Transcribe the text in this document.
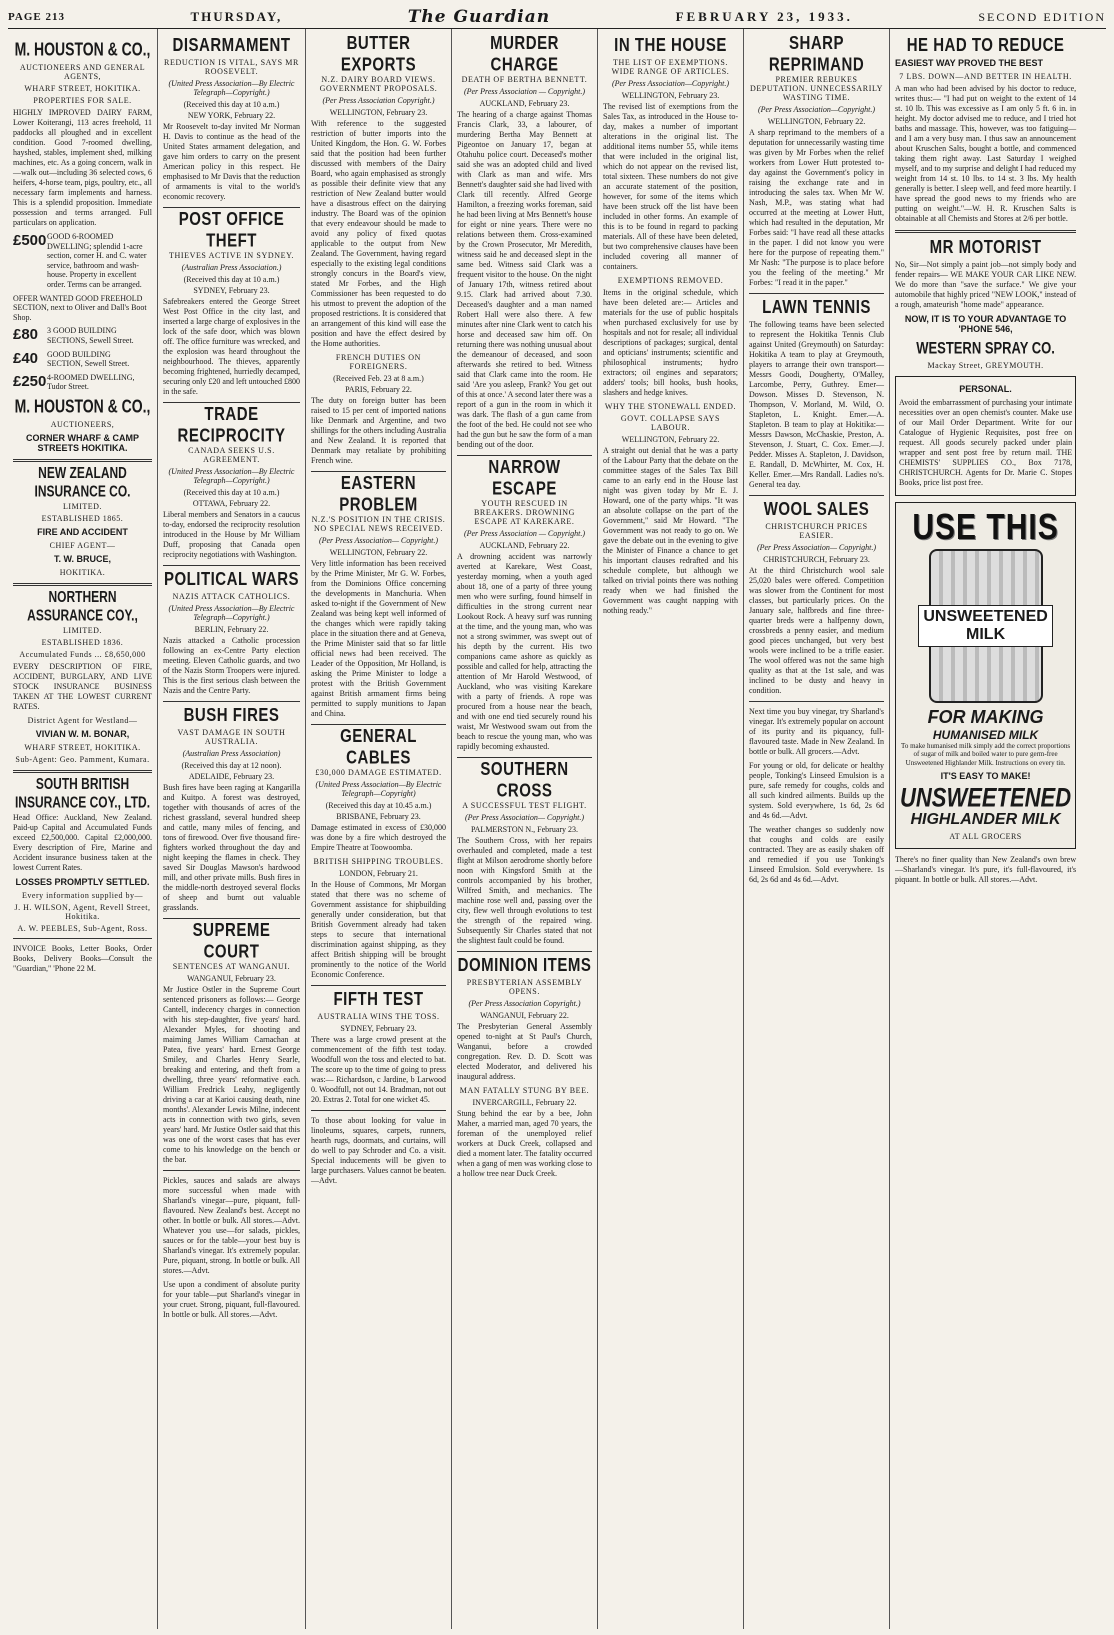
PAGE 213	THURSDAY,	The Guardian	FEBRUARY 23, 1933.	SECOND EDITION
M. HOUSTON & CO.,
AUCTIONEERS AND GENERAL AGENTS,
WHARF STREET, HOKITIKA.
PROPERTIES FOR SALE.
HIGHLY IMPROVED DAIRY FARM, Lower Koiterangi, 113 acres freehold, 11 paddocks all ploughed and in excellent condition. Good 7-roomed dwelling, hayshed, stables, implement shed, milking machines, etc. As a going concern, walk in—walk out—including 36 selected cows, 6 heifers, 4-horse team, pigs, poultry, etc., all necessary farm implements and harness. This is a splendid proposition. Immediate possession and terms arranged. Full particulars on application.
£500GOOD 6-ROOMED DWELLING; splendid 1-acre section, corner H. and C. water service, bathroom and wash-house. Property in excellent order. Terms can be arranged.
OFFER WANTED GOOD FREEHOLD SECTION, next to Oliver and Dall's Boot Shop.
£80 3 GOOD BUILDING SECTIONS, Sewell Street.
£40 GOOD BUILDING SECTION, Sewell Street.
£2504-ROOMED DWELLING, Tudor Street.
M. HOUSTON & CO.,
AUCTIONEERS,
CORNER WHARF & CAMP STREETS HOKITIKA.
NEW ZEALAND INSURANCE CO.
LIMITED.
ESTABLISHED 1865.
FIRE AND ACCIDENT
CHIEF AGENT—
T. W. BRUCE,
HOKITIKA.
NORTHERN ASSURANCE COY.,
LIMITED.
ESTABLISHED 1836.
Accumulated Funds ... £8,650,000
EVERY DESCRIPTION OF FIRE, ACCIDENT, BURGLARY, AND LIVE STOCK INSURANCE BUSINESS TAKEN AT THE LOWEST CURRENT RATES.
District Agent for Westland—
VIVIAN W. M. BONAR,
WHARF STREET, HOKITIKA.
Sub-Agent: Geo. Pamment, Kumara.
SOUTH BRITISH INSURANCE COY., LTD.
Head Office: Auckland, New Zealand. Paid-up Capital and Accumulated Funds exceed £2,500,000. Capital £2,000,000. Every description of Fire, Marine and Accident insurance business taken at the lowest Current Rates.
LOSSES PROMPTLY SETTLED.
Every information supplied by—
J. H. WILSON, Agent, Revell Street, Hokitika.
A. W. PEEBLES, Sub-Agent, Ross.
INVOICE Books, Letter Books, Order Books, Delivery Books—Consult the "Guardian," 'Phone 22 M.
DISARMAMENT
REDUCTION IS VITAL, SAYS MR ROOSEVELT.
(United Press Association—By Electric Telegraph—Copyright.)
(Received this day at 10 a.m.)
NEW YORK, February 22.
Mr Roosevelt to-day invited Mr Norman H. Davis to continue as the head of the United States armament delegation, and gave him orders to carry on the present American policy in this respect. He emphasised to Mr Davis that the reduction of armaments is vital to the world's economic recovery.
POST OFFICE THEFT
THIEVES ACTIVE IN SYDNEY.
(Australian Press Association.)
(Received this day at 10 a.m.)
SYDNEY, February 23.
Safebreakers entered the George Street West Post Office in the city last, and inserted a large charge of explosives in the lock of the safe door, which was blown off. The office furniture was wrecked, and the explosion was heard throughout the neighbourhood. The thieves, apparently becoming frightened, hurriedly decamped, securing only £20 and left untouched £800 in the safe.
TRADE RECIPROCITY
CANADA SEEKS U.S. AGREEMENT.
(United Press Association—By Electric Telegraph—Copyright.)
(Received this day at 10 a.m.)
OTTAWA, February 22.
Liberal members and Senators in a caucus to-day, endorsed the reciprocity resolution introduced in the House by Mr William Duff, proposing that Canada open reciprocity negotiations with Washington.
POLITICAL WARS
NAZIS ATTACK CATHOLICS.
(United Press Association—By Electric Telegraph—Copyright.)
BERLIN, February 22.
Nazis attacked a Catholic procession following an ex-Centre Party election meeting. Eleven Catholic guards, and two of the Nazis Storm Troopers were injured. This is the first serious clash between the Nazis and the Centre Party.
BUSH FIRES
VAST DAMAGE IN SOUTH AUSTRALIA.
(Australian Press Association)
(Received this day at 12 noon).
ADELAIDE, February 23.
Bush fires have been raging at Kangarilla and Kuitpo. A forest was destroyed, together with thousands of acres of the richest grassland, several hundred sheep and cattle, many miles of fencing, and tons of firewood. Over five thousand fire-fighters worked throughout the day and night keeping the flames in check. They saved Sir Douglas Mawson's hardwood mill, and other private mills. Bush fires in the middle-north destroyed several flocks of sheep and burnt out valuable grasslands.
SUPREME COURT
SENTENCES AT WANGANUI.
WANGANUI, February 23.
Mr Justice Ostler in the Supreme Court sentenced prisoners as follows:— George Cantell, indecency charges in connection with his step-daughter, five years' hard. Alexander Myles, for shooting and maiming James William Carnachan at Patea, five years' hard. Ernest George Smiley, and Charles Henry Searle, breaking and entering, and theft from a dwelling, three years' reformative each. William Fredrick Leahy, negligently driving a car at Karioi causing death, nine months'. Alexander Lewis Milne, indecent acts in connection with two girls, seven years' hard. Mr Justice Ostler said that this was one of the worst cases that has ever come to his knowledge on the bench or the bar.
Pickles, sauces and salads are always more successful when made with Sharland's vinegar—pure, piquant, full-flavoured. New Zealand's best. Accept no other. In bottle or bulk. All stores.—Advt. Whatever you use—for salads, pickles, sauces or for the table—your best buy is Sharland's vinegar. It's extremely popular. Pure, piquant, strong. In bottle or bulk. All stores.—Advt.
Use upon a condiment of absolute purity for your table—put Sharland's vinegar in your cruet. Strong, piquant, full-flavoured. In bottle or bulk. All stores.—Advt.
BUTTER EXPORTS
N.Z. DAIRY BOARD VIEWS. GOVERNMENT PROPOSALS.
(Per Press Association Copyright.)
WELLINGTON, February 23.
With reference to the suggested restriction of butter imports into the United Kingdom, the Hon. G. W. Forbes said that the position had been further discussed with members of the Dairy Board, who again emphasised as strongly as possible their definite view that any restriction of New Zealand butter would have a disastrous effect on the dairying industry. The Board was of the opinion that every endeavour should be made to avoid any policy of fixed quotas applicable to the output from New Zealand. The Government, having regard especially to the existing legal conditions strongly concurs in the Board's view, stated Mr Forbes, and the High Commissioner has been requested to do his utmost to prevent the adoption of the proposed restrictions. It is considered that an arrangement of this kind will ease the position and have the effect desired by the Home authorities.
FRENCH DUTIES ON FOREIGNERS.
(Received Feb. 23 at 8 a.m.)
PARIS, February 22.
The duty on foreign butter has been raised to 15 per cent of imported nations like Denmark and Argentine, and two shillings for the others including Australia and New Zealand. It is reported that Denmark may retaliate by prohibiting French wine.
EASTERN PROBLEM
N.Z.'S POSITION IN THE CRISIS. NO SPECIAL NEWS RECEIVED.
(Per Press Association— Copyright.)
WELLINGTON, February 22.
Very little information has been received by the Prime Minister, Mr G. W. Forbes, from the Dominions Office concerning the developments in Manchuria. When asked to-night if the Government of New Zealand was being kept well informed of the changes which were rapidly taking place in the situation there and at Geneva, the Prime Minister said that so far little official news had been received. The Leader of the Opposition, Mr Holland, is asking the Prime Minister to lodge a protest with the British Government against British armament firms being permitted to supply munitions to Japan and China.
GENERAL CABLES
£30,000 DAMAGE ESTIMATED.
(United Press Association—By Electric Telegraph—Copyright)
(Received this day at 10.45 a.m.)
BRISBANE, February 23.
Damage estimated in excess of £30,000 was done by a fire which destroyed the Empire Theatre at Toowoomba.
BRITISH SHIPPING TROUBLES.
LONDON, February 21.
In the House of Commons, Mr Morgan stated that there was no scheme of Government assistance for shipbuilding generally under consideration, but that British Government already had taken steps to secure that international discrimination against shipping, as they affect British shipping will be brought prominently to the notice of the World Economic Conference.
FIFTH TEST
AUSTRALIA WINS THE TOSS.
SYDNEY, February 23.
There was a large crowd present at the commencement of the fifth test today. Woodfull won the toss and elected to bat. The score up to the time of going to press was:— Richardson, c Jardine, b Larwood 0. Woodfull, not out 14. Bradman, not out 20. Extras 2. Total for one wicket 45.
To those about looking for value in linoleums, squares, carpets, runners, hearth rugs, doormats, and curtains, will do well to pay Schroder and Co. a visit. Special inducements will be given to large purchasers. Values cannot be beaten.—Advt.
MURDER CHARGE
DEATH OF BERTHA BENNETT.
(Per Press Association — Copyright.)
AUCKLAND, February 23.
The hearing of a charge against Thomas Francis Clark, 33, a labourer, of murdering Bertha May Bennett at Pigeontoe on January 17, began at Otahuhu police court. Deceased's mother said she was an adopted child and lived with Clark as man and wife. Mrs Bennett's daughter said she had lived with Clark till recently. Alfred George Hamilton, a freezing works foreman, said he had been living at Mrs Bennett's house for eight or nine years. There were no relations between them. Cross-examined by the Crown Prosecutor, Mr Meredith, witness said he and deceased slept in the same bed. Witness said Clark was a frequent visitor to the house. On the night of January 17th, witness retired about 9.15. Clark had arrived about 7.30. Deceased's daughter and a man named Robert Hall were also there. A few minutes after nine Clark went to catch his horse and deceased saw him off. On returning there was nothing unusual about the demeanour of deceased, and soon afterwards she retired to bed. Witness said that Clark came into the room. He said 'Are you asleep, Frank? You get out of this at once.' A second later there was a report of a gun in the room in which it was dark. The flash of a gun came from the foot of the bed. He could not see who had the gun but he saw the form of a man bending out of the door.
NARROW ESCAPE
YOUTH RESCUED IN BREAKERS. DROWNING ESCAPE AT KAREKARE.
(Per Press Association — Copyright.)
AUCKLAND, February 22.
A drowning accident was narrowly averted at Karekare, West Coast, yesterday morning, when a youth aged about 18, one of a party of three young men who were surfing, found himself in difficulties in the strong current near Lookout Rock. A heavy surf was running at the time, and the young man, who was not a strong swimmer, was swept out of his depth by the current. His two companions came ashore as quickly as possible and called for help, attracting the attention of Mr Harold Westwood, of Auckland, who was visiting Karekare with a party of friends. A rope was procured from a house near the beach, and with one end tied securely round his waist, Mr Westwood swam out from the beach to rescue the young man, who was rapidly becoming exhausted.
SOUTHERN CROSS
A SUCCESSFUL TEST FLIGHT.
(Per Press Association— Copyright.)
PALMERSTON N., February 23.
The Southern Cross, with her repairs overhauled and completed, made a test flight at Milson aerodrome shortly before noon with Kingsford Smith at the controls accompanied by his brother, Wilfred Smith, and mechanics. The machine rose well and, passing over the city, flew well through evolutions to test the strength of the repaired wing. Subsequently Sir Charles stated that not the slightest fault could be found.
DOMINION ITEMS
PRESBYTERIAN ASSEMBLY OPENS.
(Per Press Association Copyright.)
WANGANUI, February 22.
The Presbyterian General Assembly opened to-night at St Paul's Church, Wanganui, before a crowded congregation. Rev. D. D. Scott was elected Moderator, and delivered his inaugural address.
MAN FATALLY STUNG BY BEE.
INVERCARGILL, February 22.
Stung behind the ear by a bee, John Maher, a married man, aged 70 years, the foreman of the unemployed relief workers at Duck Creek, collapsed and died a moment later. The fatality occurred when a gang of men was working close to a hollow tree near Duck Creek.
IN THE HOUSE
THE LIST OF EXEMPTIONS. WIDE RANGE OF ARTICLES.
(Per Press Association—Copyright.)
WELLINGTON, February 23.
The revised list of exemptions from the Sales Tax, as introduced in the House to-day, makes a number of important alterations in the original list. The additional items number 55, while items that were included in the original list, which do not appear on the revised list, total sixteen. These numbers do not give an accurate statement of the position, however, for some of the items which have been struck off the list have been included in other forms. An example of this is to be found in regard to packing materials. All of these have been deleted, but two comprehensive clauses have been included covering all manner of containers.
EXEMPTIONS REMOVED.
Items in the original schedule, which have been deleted are:— Articles and materials for the use of public hospitals when purchased exclusively for use by hospitals and not for resale; all individual descriptions of packages; surgical, dental and opticians' instruments; scientific and philosophical instruments; hydro extractors; oil engines and separators; adders' tools; bill hooks, bush hooks, slashers and hedge knives.
WHY THE STONEWALL ENDED.
GOVT. COLLAPSE SAYS LABOUR.
WELLINGTON, February 22.
A straight out denial that he was a party of the Labour Party that the debate on the committee stages of the Sales Tax Bill came to an early end in the House last night was given today by Mr E. J. Howard, one of the party whips. "It was an absolute collapse on the part of the Government," said Mr Howard. "The Government was not ready to go on. We gave the debate out in the evening to give the Minister of Finance a chance to get his important clauses redrafted and his schedule complete, but although we talked on trivial points there was nothing ready when we had finished the Government was caught napping with nothing ready."
SHARP REPRIMAND
PREMIER REBUKES DEPUTATION. UNNECESSARILY WASTING TIME.
(Per Press Association—Copyright.)
WELLINGTON, February 22.
A sharp reprimand to the members of a deputation for unnecessarily wasting time was given by Mr Forbes when the relief workers from Lower Hutt protested to-day against the Government's policy in raising the exchange rate and in introducing the sales tax. When Mr W. Nash, M.P., was stating what had occurred at the meeting at Lower Hutt, which had resulted in the deputation, Mr Forbes said: "I have read all these attacks in the paper. I did not know you were here for the purpose of repeating them." Mr Nash: "The purpose is to place before you the feeling of the meeting." Mr Forbes: "I read it in the paper."
LAWN TENNIS
The following teams have been selected to represent the Hokitika Tennis Club against United (Greymouth) on Saturday: Hokitika A team to play at Greymouth, players to arrange their own transport—Messrs Goodi, Dougherty, O'Malley, Larcombe, Perry, Guthrey. Emer—Dowson. Misses D. Stevenson, N. Thompson, V. Morland, M. Wild, O. Stapleton, L. Knight. Emer.—A. Stapleton. B team to play at Hokitika:—Messrs Dawson, McChaskie, Preston, A. Stevenson, J. Stuart, C. Cox. Emer.—J. Pedder. Misses A. Stapleton, J. Davidson, E. Randall, D. McWhirter, M. Cox, H. Keller. Emer.—Mrs Randall. Ladies no's. General tea day.
WOOL SALES
CHRISTCHURCH PRICES EASIER.
(Per Press Association— Copyright.)
CHRISTCHURCH, February 23.
At the third Christchurch wool sale 25,020 bales were offered. Competition was slower from the Continent for most classes, but particularly prices. On the January sale, halfbreds and fine three-quarter breds were a halfpenny down, crossbreds a penny easier, and medium good pieces unchanged, but very best wools were inclined to be a trifle easier. The wool offered was not the same high quality as that at the 1st sale, and was inclined to be dusty and heavy in condition.
Next time you buy vinegar, try Sharland's vinegar. It's extremely popular on account of its purity and its piquancy, full-flavoured taste. Made in New Zealand. In bottle or bulk. All grocers.—Advt.
For young or old, for delicate or healthy people, Tonking's Linseed Emulsion is a pure, safe remedy for coughs, colds and all such kindred ailments. Builds up the system. Sold everywhere, 1s 6d, 2s 6d and 4s 6d.—Advt.
The weather changes so suddenly now that coughs and colds are easily contracted. They are as easily shaken off and remedied if you use Tonking's Linseed Emulsion. Sold everywhere. 1s 6d, 2s 6d and 4s 6d.—Advt.
HE HAD TO REDUCE
EASIEST WAY PROVED THE BEST
7 LBS. DOWN—AND BETTER IN HEALTH.
A man who had been advised by his doctor to reduce, writes thus:— "I had put on weight to the extent of 14 st. 10 lb. This was excessive as I am only 5 ft. 6 in. in height. My doctor advised me to reduce, and I tried hot baths and massage. This, however, was too fatiguing—and I am a very busy man. I thus saw an announcement about Kruschen Salts, bought a bottle, and commenced taking them right away. Last Saturday I weighed myself, and to my surprise and delight I had reduced my weight from 14 st. 10 lbs. to 14 st. 3 lbs. My health generally is better. I sleep well, and feed more heartily. I have spread the good news to my friends who are putting on weight."—W. H. R. Kruschen Salts is obtainable at all Chemists and Stores at 2/6 per bottle.
MR MOTORIST
No, Sir—Not simply a paint job—not simply body and fender repairs— WE MAKE YOUR CAR LIKE NEW. We do more than "save the surface." We give your automobile that highly priced "NEW LOOK," instead of a rough, amateurish "home made" appearance.
NOW, IT IS TO YOUR ADVANTAGE TO 'PHONE 546,
WESTERN SPRAY CO.
Mackay Street, GREYMOUTH.
PERSONAL.
Avoid the embarrassment of purchasing your intimate necessities over an open chemist's counter. Make use of our Mail Order Department. Write for our Catalogue of Hygienic Requisites, post free on request. All goods securely packed under plain wrapper and sent post free by return mail. THE CHEMISTS' SUPPLIES CO., Box 7178, CHRISTCHURCH. Agents for Dr. Marie C. Stopes Books, price list post free.
USE THIS
UNSWEETENED MILK
FOR MAKING
HUMANISED MILK
To make humanised milk simply add the correct proportions of sugar of milk and boiled water to pure germ-free Unsweetened Highlander Milk. Instructions on every tin.
IT'S EASY TO MAKE!
UNSWEETENED
HIGHLANDER MILK
AT ALL GROCERS
There's no finer quality than New Zealand's own brew—Sharland's vinegar. It's pure, it's full-flavoured, it's piquant. In bottle or bulk. All stores.—Advt.
